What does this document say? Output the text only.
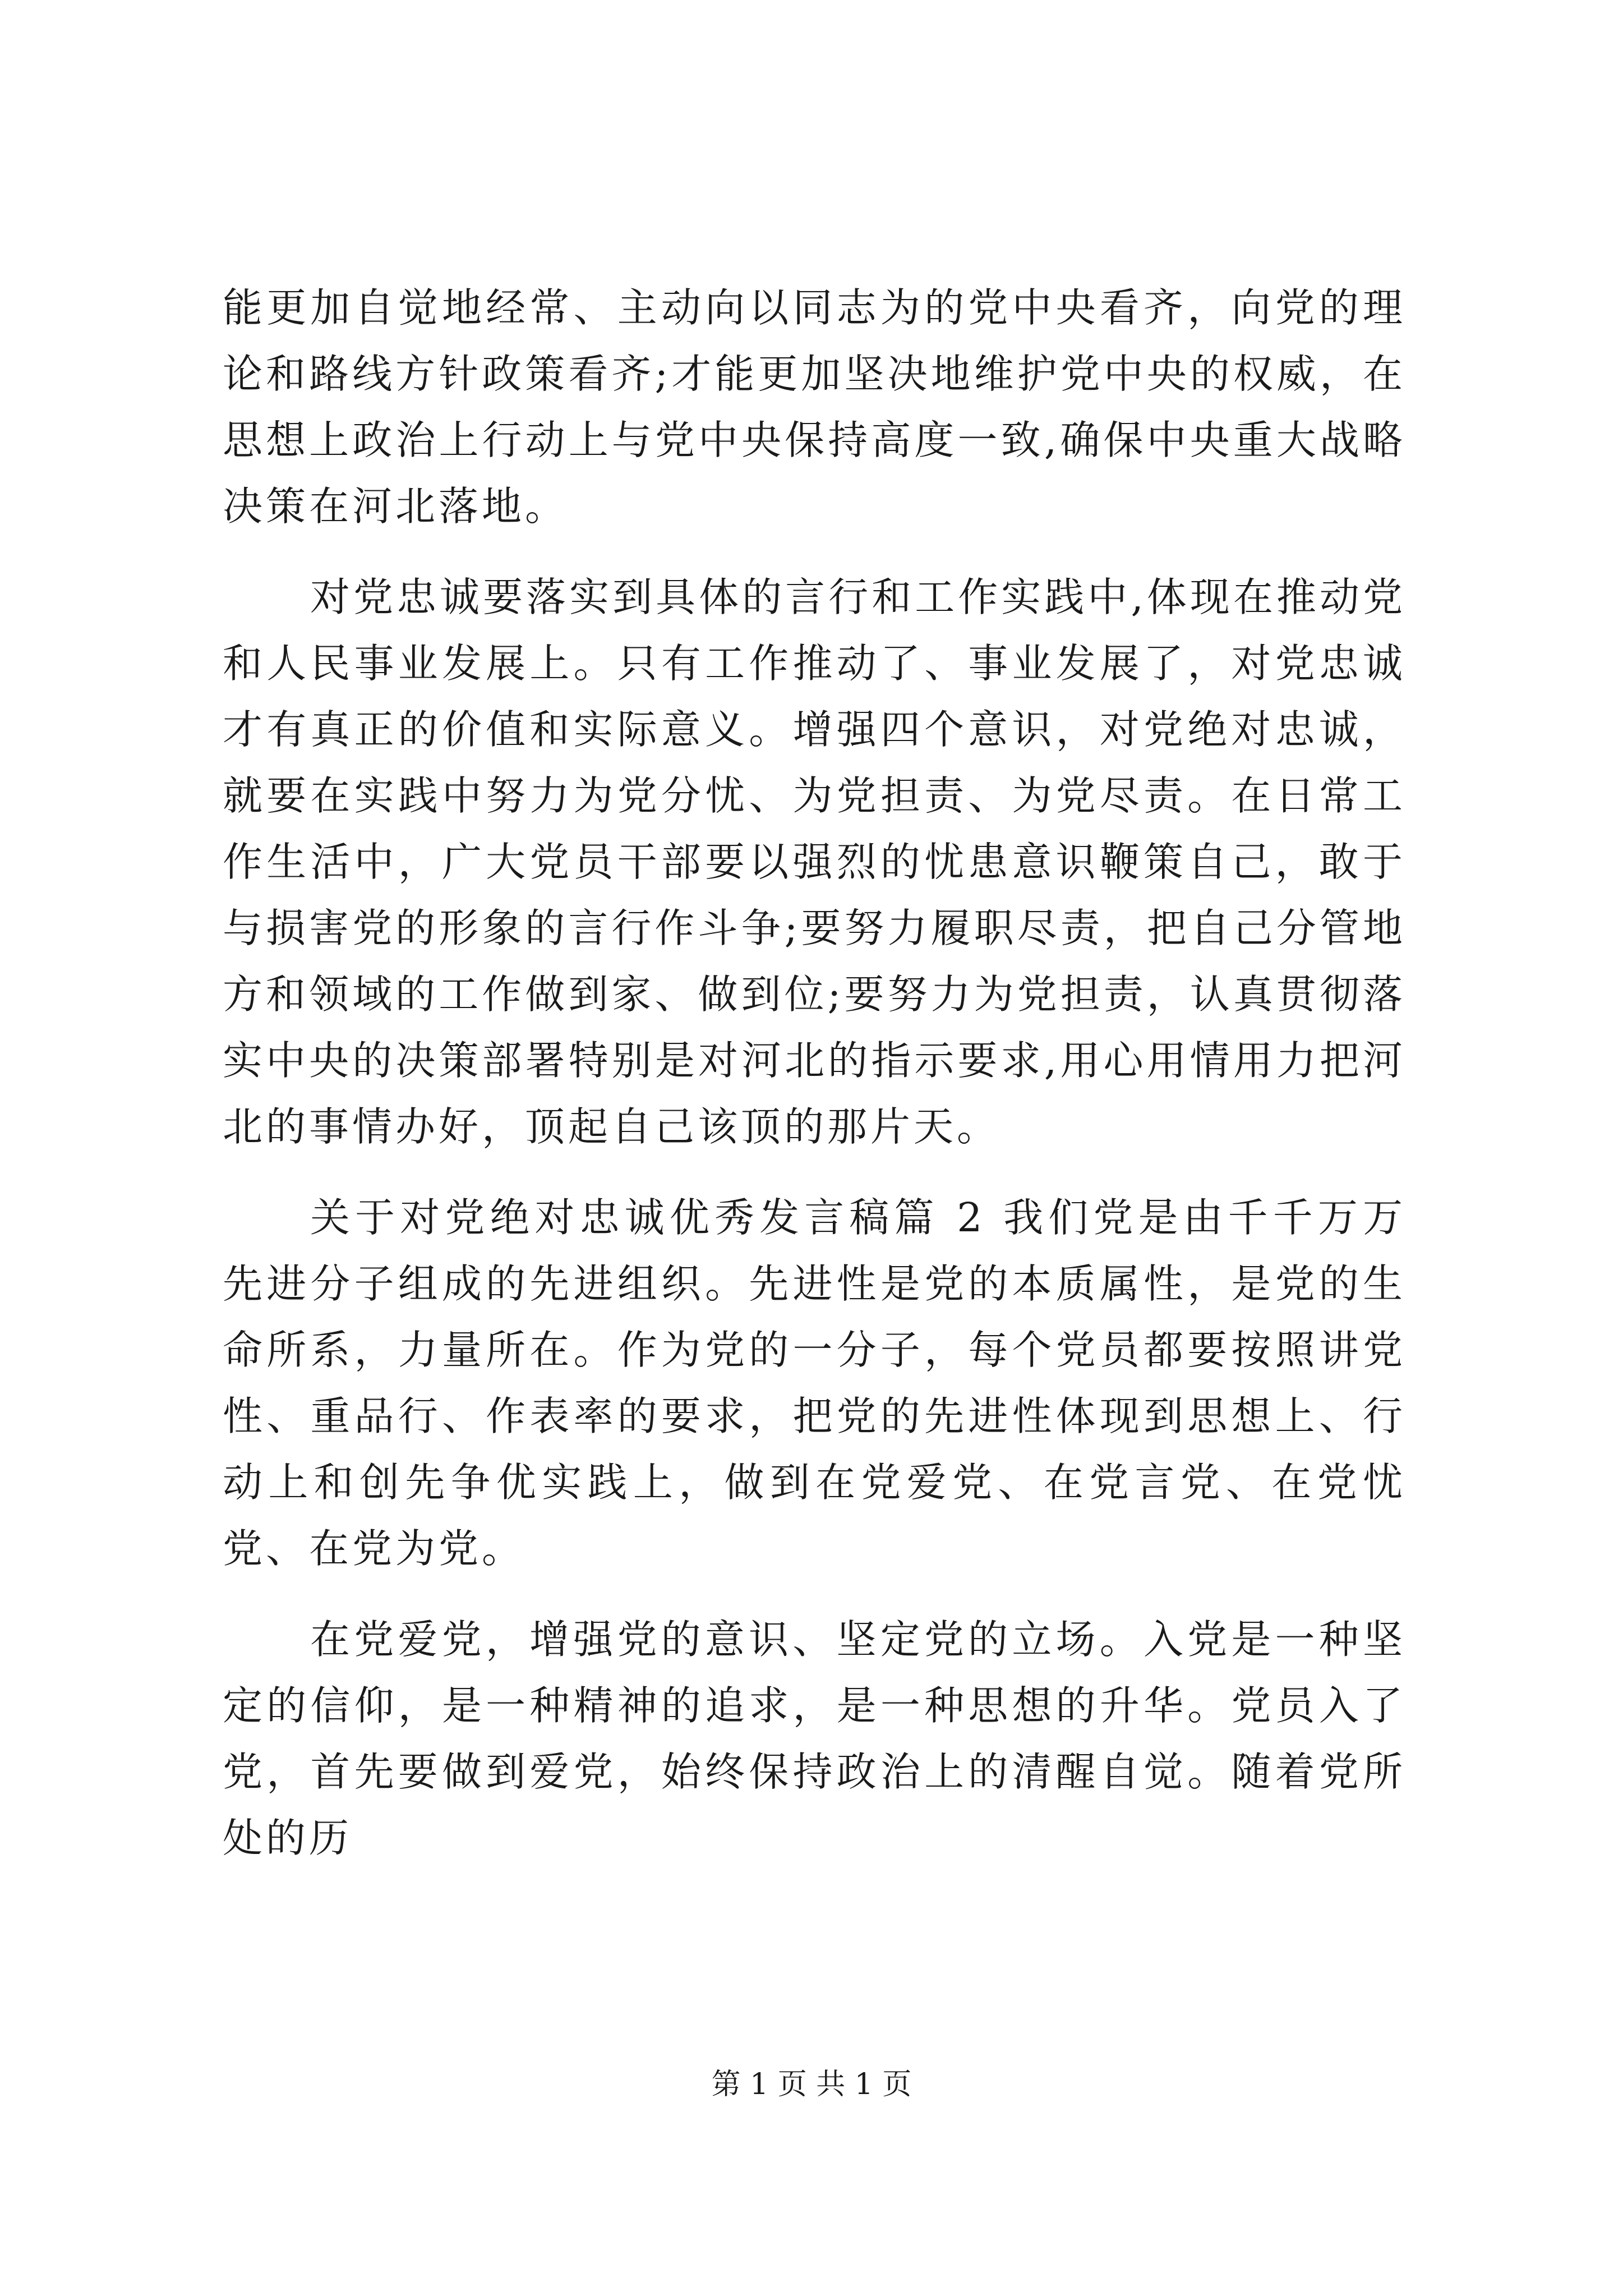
能更加自觉地经常、主动向以同志为的党中央看齐，向党的理论和路线方针政策看齐;才能更加坚决地维护党中央的权威，在思想上政治上行动上与党中央保持高度一致,确保中央重大战略决策在河北落地。

对党忠诚要落实到具体的言行和工作实践中,体现在推动党和人民事业发展上。只有工作推动了、事业发展了，对党忠诚才有真正的价值和实际意义。增强四个意识，对党绝对忠诚，就要在实践中努力为党分忧、为党担责、为党尽责。在日常工作生活中，广大党员干部要以强烈的忧患意识鞭策自己，敢于与损害党的形象的言行作斗争;要努力履职尽责，把自己分管地方和领域的工作做到家、做到位;要努力为党担责，认真贯彻落实中央的决策部署特别是对河北的指示要求,用心用情用力把河北的事情办好，顶起自己该顶的那片天。

关于对党绝对忠诚优秀发言稿篇 2 我们党是由千千万万先进分子组成的先进组织。先进性是党的本质属性，是党的生命所系，力量所在。作为党的一分子，每个党员都要按照讲党性、重品行、作表率的要求，把党的先进性体现到思想上、行动上和创先争优实践上，做到在党爱党、在党言党、在党忧党、在党为党。

在党爱党，增强党的意识、坚定党的立场。入党是一种坚定的信仰，是一种精神的追求，是一种思想的升华。党员入了党，首先要做到爱党，始终保持政治上的清醒自觉。随着党所处的历

第 1 页 共 1 页
